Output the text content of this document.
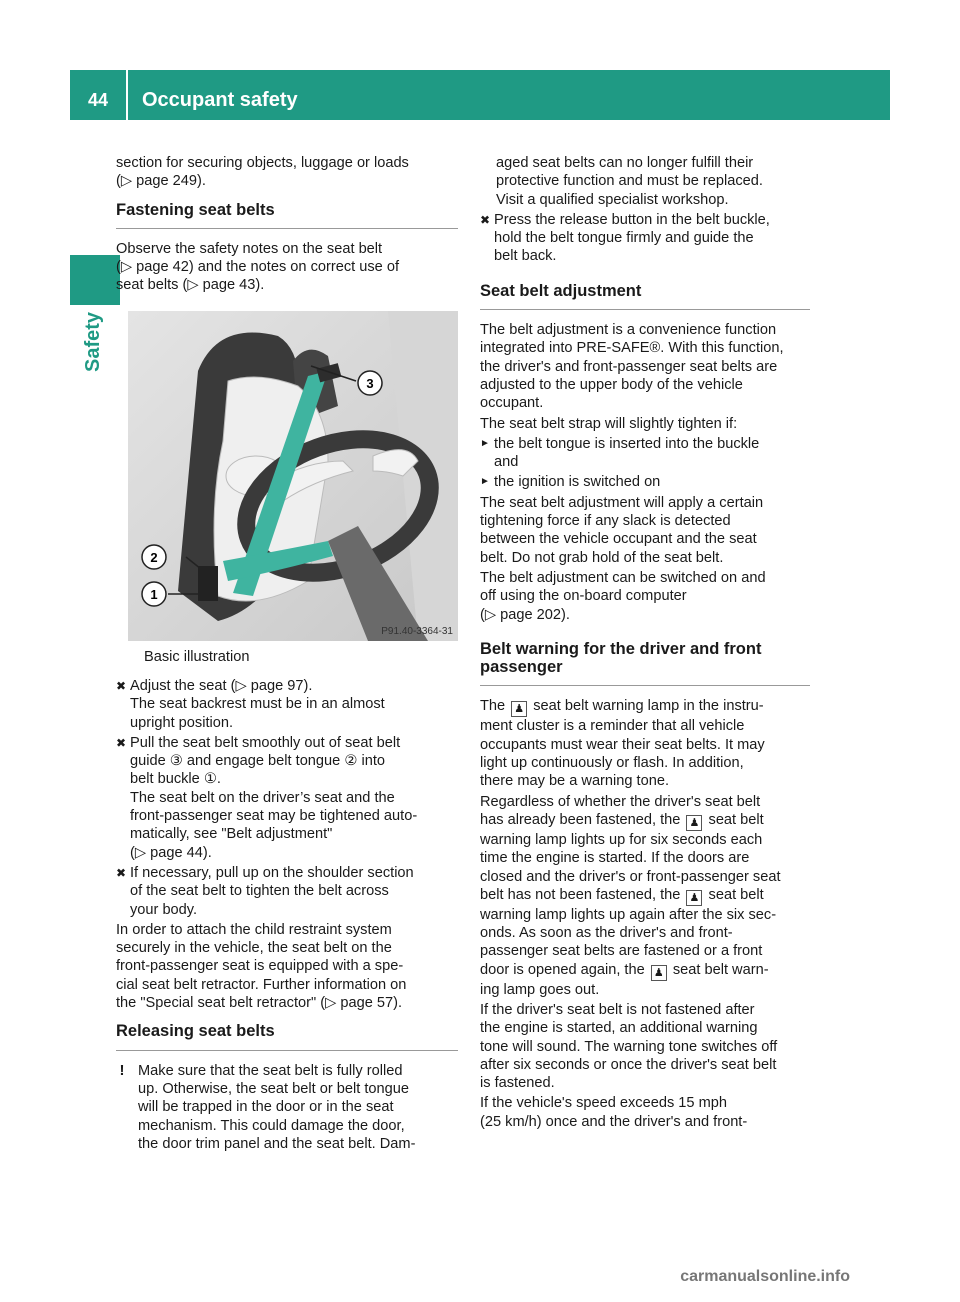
44	Occupant safety
Safety

section for securing objects, luggage or loads
(▷ page 249).

Fastening seat belts

Observe the safety notes on the seat belt
(▷ page 42) and the notes on correct use of
seat belts (▷ page 43).

3
2
1
P91.40-3364-31
Basic illustration
✖ Adjust the seat (▷ page 97).
The seat backrest must be in an almost
upright position.
✖ Pull the seat belt smoothly out of seat belt
guide ③ and engage belt tongue ② into
belt buckle ①.
The seat belt on the driver’s seat and the
front-passenger seat may be tightened auto-
matically, see "Belt adjustment"
(▷ page 44).
✖ If necessary, pull up on the shoulder section
of the seat belt to tighten the belt across
your body.

In order to attach the child restraint system
securely in the vehicle, the seat belt on the
front-passenger seat is equipped with a spe-
cial seat belt retractor. Further information on
the "Special seat belt retractor" (▷ page 57).

Releasing seat belts
! Make sure that the seat belt is fully rolled
up. Otherwise, the seat belt or belt tongue
will be trapped in the door or in the seat
mechanism. This could damage the door,
the door trim panel and the seat belt. Dam-

aged seat belts can no longer fulfill their
protective function and must be replaced.
Visit a qualified specialist workshop.

✖ Press the release button in the belt buckle,
hold the belt tongue firmly and guide the
belt back.
Seat belt adjustment

The belt adjustment is a convenience function
integrated into PRE-SAFE®. With this function,
the driver's and front-passenger seat belts are
adjusted to the upper body of the vehicle
occupant.

The seat belt strap will slightly tighten if:

► the belt tongue is inserted into the buckle
and
► the ignition is switched on

The seat belt adjustment will apply a certain
tightening force if any slack is detected
between the vehicle occupant and the seat
belt. Do not grab hold of the seat belt.

The belt adjustment can be switched on and
off using the on-board computer
(▷ page 202).

Belt warning for the driver and front
passenger

The ♟ seat belt warning lamp in the instru-
ment cluster is a reminder that all vehicle
occupants must wear their seat belts. It may
light up continuously or flash. In addition,
there may be a warning tone.

Regardless of whether the driver's seat belt
has already been fastened, the ♟ seat belt
warning lamp lights up for six seconds each
time the engine is started. If the doors are
closed and the driver's or front-passenger seat
belt has not been fastened, the ♟ seat belt
warning lamp lights up again after the six sec-
onds. As soon as the driver's and front-
passenger seat belts are fastened or a front
door is opened again, the ♟ seat belt warn-
ing lamp goes out.

If the driver's seat belt is not fastened after
the engine is started, an additional warning
tone will sound. The warning tone switches off
after six seconds or once the driver's seat belt
is fastened.

If the vehicle's speed exceeds 15 mph
(25 km/h) once and the driver's and front-

carmanualsonline.info
